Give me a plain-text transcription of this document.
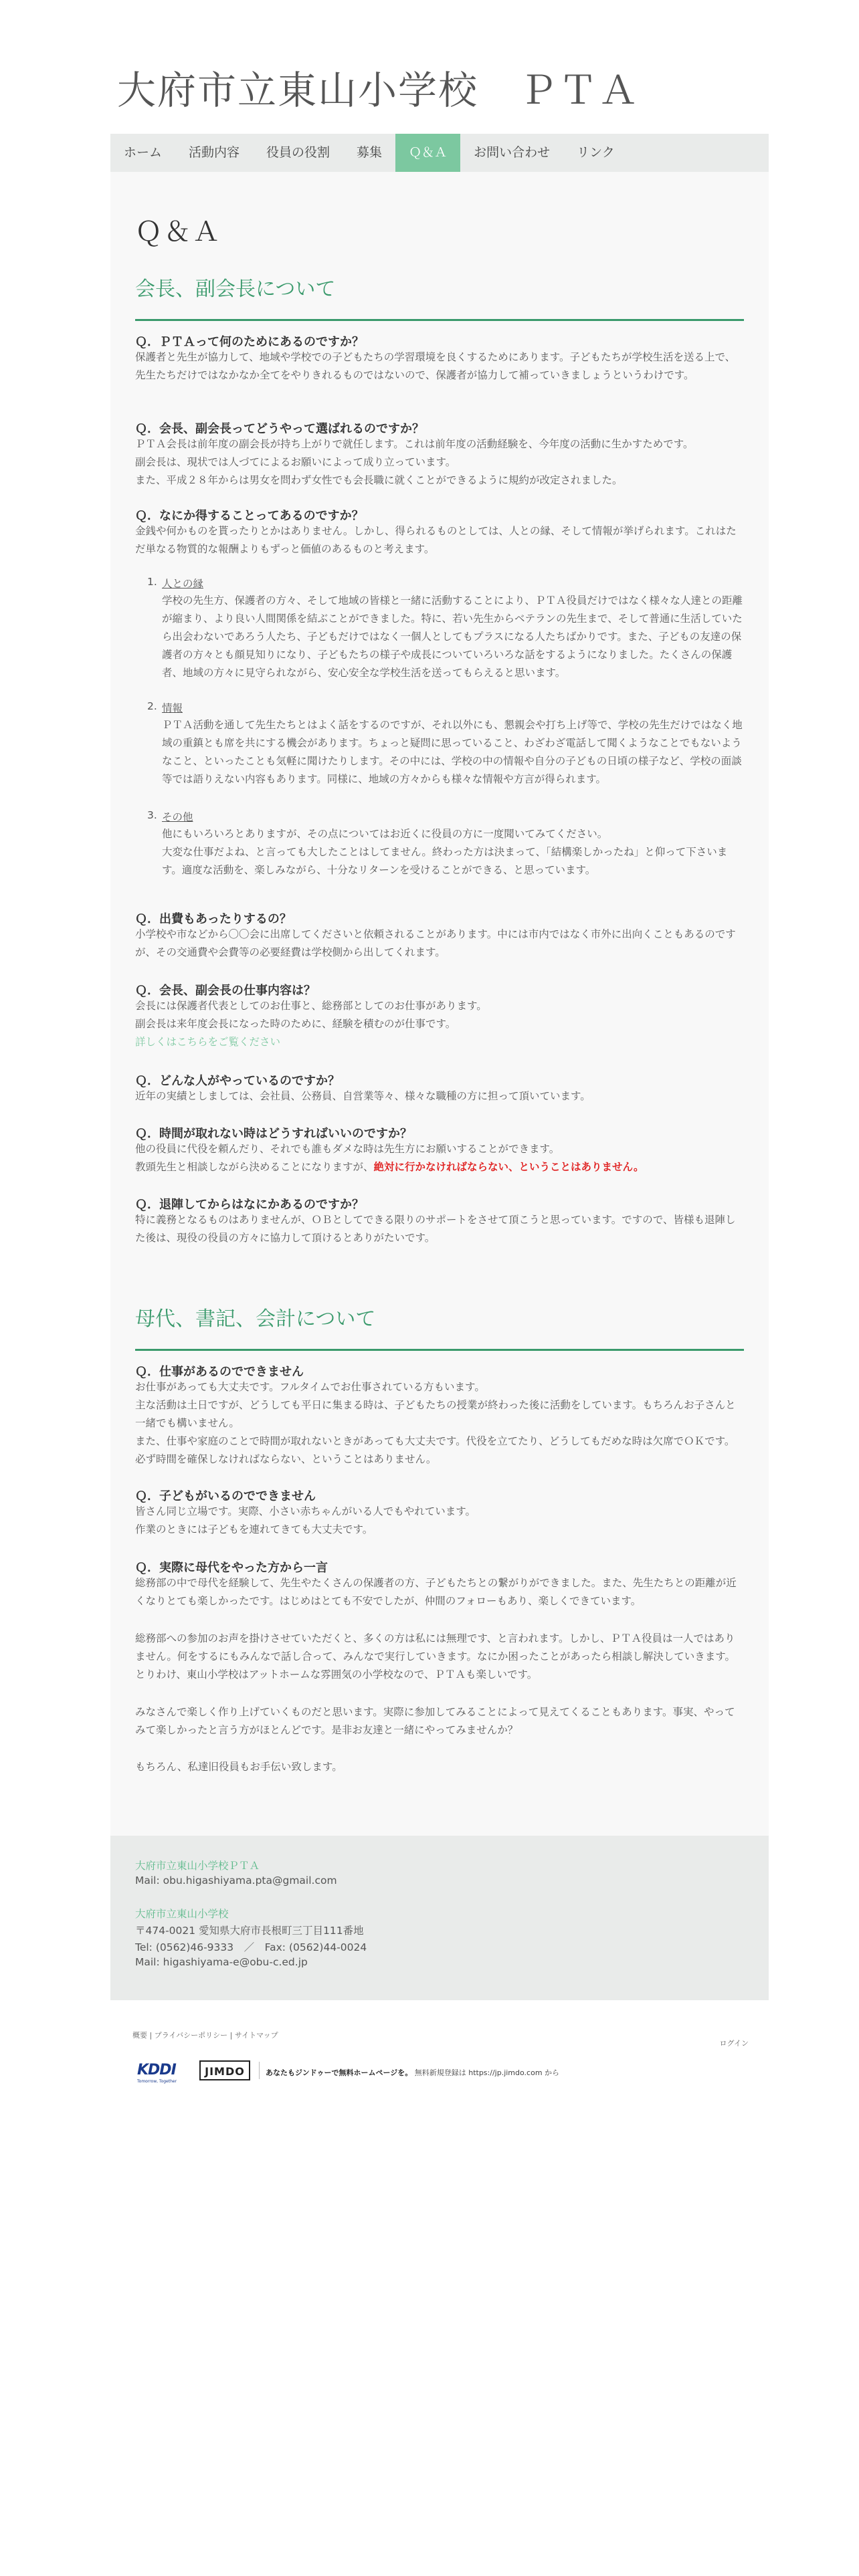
大府市立東山小学校　ＰＴＡ
ホーム	活動内容	役員の役割	募集	Ｑ＆Ａ	お問い合わせ	リンク
Ｑ＆Ａ
会長、副会長について

Ｑ．ＰＴＡって何のためにあるのですか？

保護者と先生が協力して、地域や学校での子どもたちの学習環境を良くするためにあります。子どもたちが学校生活を送る上で、先生たちだけではなかなか全てをやりきれるものではないので、保護者が協力して補っていきましょうというわけです。

Ｑ．会長、副会長ってどうやって選ばれるのですか？

ＰＴＡ会長は前年度の副会長が持ち上がりで就任します。これは前年度の活動経験を、今年度の活動に生かすためです。
副会長は、現状では人づてによるお願いによって成り立っています。
また、平成２８年からは男女を問わず女性でも会長職に就くことができるように規約が改定されました。

Ｑ．なにか得することってあるのですか？

金銭や何かものを貰ったりとかはありません。しかし、得られるものとしては、人との縁、そして情報が挙げられます。これはただ単なる物質的な報酬よりもずっと価値のあるものと考えます。

1. 人との縁

学校の先生方、保護者の方々、そして地域の皆様と一緒に活動することにより、ＰＴＡ役員だけではなく様々な人達との距離が縮まり、より良い人間関係を結ぶことができました。特に、若い先生からベテランの先生まで、そして普通に生活していたら出会わないであろう人たち、子どもだけではなく一個人としてもプラスになる人たちばかりです。また、子どもの友達の保護者の方々とも顔見知りになり、子どもたちの様子や成長についていろいろな話をするようになりました。たくさんの保護者、地域の方々に見守られながら、安心安全な学校生活を送ってもらえると思います。

2. 情報

ＰＴＡ活動を通して先生たちとはよく話をするのですが、それ以外にも、懇親会や打ち上げ等で、学校の先生だけではなく地域の重鎮とも席を共にする機会があります。ちょっと疑問に思っていること、わざわざ電話して聞くようなことでもないようなこと、といったことも気軽に聞けたりします。その中には、学校の中の情報や自分の子どもの日頃の様子など、学校の面談等では語りえない内容もあります。同様に、地域の方々からも様々な情報や方言が得られます。

3. その他

他にもいろいろとありますが、その点についてはお近くに役員の方に一度聞いてみてください。
大変な仕事だよね、と言っても大したことはしてません。終わった方は決まって、「結構楽しかったね」と仰って下さいます。適度な活動を、楽しみながら、十分なリターンを受けることができる、と思っています。

Ｑ．出費もあったりするの？

小学校や市などから〇〇会に出席してくださいと依頼されることがあります。中には市内ではなく市外に出向くこともあるのですが、その交通費や会費等の必要経費は学校側から出してくれます。

Ｑ．会長、副会長の仕事内容は？

会長には保護者代表としてのお仕事と、総務部としてのお仕事があります。
副会長は来年度会長になった時のために、経験を積むのが仕事です。

詳しくはこちらをご覧ください

Ｑ．どんな人がやっているのですか？

近年の実績としましては、会社員、公務員、自営業等々、様々な職種の方に担って頂いています。

Ｑ．時間が取れない時はどうすればいいのですか？

他の役員に代役を頼んだり、それでも誰もダメな時は先生方にお願いすることができます。

教頭先生と相談しながら決めることになりますが、絶対に行かなければならない、ということはありません。

Ｑ．退陣してからはなにかあるのですか？

特に義務となるものはありませんが、ＯＢとしてできる限りのサポートをさせて頂こうと思っています。ですので、皆様も退陣した後は、現役の役員の方々に協力して頂けるとありがたいです。

母代、書記、会計について

Ｑ．仕事があるのでできません

お仕事があっても大丈夫です。フルタイムでお仕事されている方もいます。
主な活動は土日ですが、どうしても平日に集まる時は、子どもたちの授業が終わった後に活動をしています。もちろんお子さんと一緒でも構いません。
また、仕事や家庭のことで時間が取れないときがあっても大丈夫です。代役を立てたり、どうしてもだめな時は欠席でＯＫです。必ず時間を確保しなければならない、ということはありません。

Ｑ．子どもがいるのでできません

皆さん同じ立場です。実際、小さい赤ちゃんがいる人でもやれています。
作業のときには子どもを連れてきても大丈夫です。

Ｑ．実際に母代をやった方から一言

総務部の中で母代を経験して、先生やたくさんの保護者の方、子どもたちとの繋がりができました。また、先生たちとの距離が近くなりとても楽しかったです。はじめはとても不安でしたが、仲間のフォローもあり、楽しくできています。

総務部への参加のお声を掛けさせていただくと、多くの方は私には無理です、と言われます。しかし、ＰＴＡ役員は一人ではありません。何をするにもみんなで話し合って、みんなで実行していきます。なにか困ったことがあったら相談し解決していきます。とりわけ、東山小学校はアットホームな雰囲気の小学校なので、ＰＴＡも楽しいです。

みなさんで楽しく作り上げていくものだと思います。実際に参加してみることによって見えてくることもあります。事実、やってみて楽しかったと言う方がほとんどです。是非お友達と一緒にやってみませんか？

もちろん、私達旧役員もお手伝い致します。

大府市立東山小学校ＰＴＡ
Mail: obu.higashiyama.pta@gmail.com
大府市立東山小学校
〒474-0021 愛知県大府市長根町三丁目111番地
Tel: (0562)46-9333　／　Fax: (0562)44-0024
Mail: higashiyama-e@obu-c.ed.jp
概要 | プライバシーポリシー | サイトマップ
ログイン
KDDI
Tomorrow, Together
JIMDO	あなたもジンドゥーで無料ホームページを。 無料新規登録は https://jp.jimdo.com から
